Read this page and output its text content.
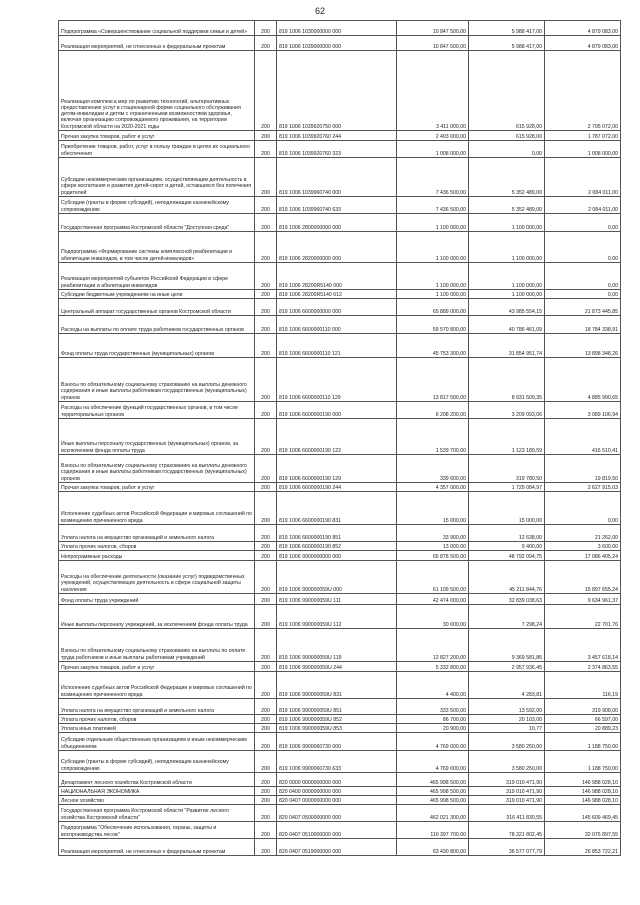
62
Подпрограмма «Совершенствование социальной поддержки семьи и детей»	200	819 1006 1030000000 000	10 847 500,00	5 988 417,00	4 879 083,00
Реализация мероприятий, не отнесенных к федеральным проектам	200	819 1006 1039000000 000	10 847 500,00	5 988 417,00	4 879 083,00
Реализация комплекса мер по развитию технологий, альтернативных предоставлению услуг в стационарной форме социального обслуживания детям-инвалидам и детям с ограниченными возможностями здоровья, включая организацию сопровождаемого проживания, на территории Костромской области на 2020-2021 годы	200	819 1006 1039920750 000	3 411 000,00	615 928,00	2 795 072,00
Прочая закупка товаров, работ и услуг	200	819 1006 1039920760 244	2 403 000,00	615 928,00	1 787 072,00
Приобретение товаров, работ, услуг в пользу граждан в целях их социального обеспечения	200	819 1006 1039920760 323	1 008 000,00	0,00	1 008 000,00
Субсидии некоммерческим организациям, осуществляющим деятельность в сфере воспитания и развития детей-сирот и детей, оставшихся без попечения родителей	200	819 1006 1039960740 000	7 436 500,00	5 352 489,00	2 084 011,00
Субсидии (гранты в форме субсидий), неподлежащие казначейскому сопровождению	200	819 1006 1039960740 633	7 436 500,00	5 352 489,00	2 084 011,00
Государственная программа Костромской области "Доступная среда"	200	819 1006 2800000000 000	1 100 000,00	1 100 000,00	0,00
Подпрограмма «Формирование системы комплексной реабилитации и абилитации инвалидов, в том числе детей-инвалидов»	200	819 1006 2820000000 000	1 100 000,00	1 100 000,00	0,00
Реализация мероприятий субъектов Российской Федерации в сфере реабилитации и абилитации инвалидов	200	819 1006 28200R5140 000	1 100 000,00	1 100 000,00	0,00
Субсидии бюджетным учреждениям на иные цели	200	819 1006 28200R5140 612	1 100 000,00	1 100 000,00	0,00
Центральный аппарат государственных органов Костромской области	200	819 1006 6600000000 000	65 889 000,00	43 985 554,15	21 873 445,85
Расходы на выплаты по оплате труда работников государственных органов	200	819 1006 6600000110 000	59 570 800,00	40 786 461,09	18 784 338,91
Фонд оплаты труда государственных (муниципальных) органов	200	819 1006 6600000110 121	45 753 300,00	31 854 951,74	13 898 348,26
Взносы по обязательному социальному страхованию на выплаты денежного содержания и иные выплаты работникам государственных (муниципальных) органов	200	819 1006 6600000110 129	13 817 500,00	8 931 509,35	4 885 990,65
Расходы на обеспечение функций государственных органов, в том числе территориальных органов	200	819 1006 6600000190 000	6 208 200,00	3 209 093,06	3 089 106,94
Иные выплаты персоналу государственных (муниципальных) органов, за исключением фонда оплаты труда	200	819 1006 6600000190 122	1 539 700,00	1 123 189,59	416 510,41
Взносы по обязательному социальному страхованию на выплаты денежного содержания и иные выплаты работникам государственных (муниципальных) органов	200	819 1006 6600000190 129	339 600,00	319 780,50	19 819,50
Прочая закупка товаров, работ и услуг	200	819 1006 6600000190 244	4 357 000,00	1 729 084,97	2 627 915,03
Исполнение судебных актов Российской Федерации и мировых соглашений по возмещению причиненного вреда	200	819 1006 6600000190 831	15 000,00	15 000,00	0,00
Уплата налога на имущество организаций и земельного налога	200	819 1006 6600000190 851	33 900,00	12 638,00	21 262,00
Уплата прочих налогов, сборов	200	819 1006 6600000190 852	13 000,00	9 400,00	3 600,00
Непрограммные расходы	200	819 1006 9900000000 000	65 878 500,00	48 792 094,75	17 086 405,24
Расходы на обеспечение деятельности (оказание услуг) подведомственных учреждений, осуществляющих деятельность в сфере социальной защиты населения	200	819 1006 990000059U 000	61 109 500,00	45 211 844,76	15 897 655,24
Фонд оплаты труда учреждений	200	819 1006 990000059U 111	42 474 000,00	32 839 038,63	9 634 961,37
Иные выплаты персоналу учреждений, за исключением фонда оплаты труда	200	819 1006 990000059U 112	30 000,00	7 298,24	22 701,76
Взносы по обязательному социальному страхованию на выплаты по оплате труда работников и иные выплаты работникам учреждений	200	819 1006 990000059U 119	12 827 200,00	9 369 581,86	3 457 618,14
Прочая закупка товаров, работ и услуг	200	819 1006 990000059U 244	5 332 800,00	2 957 936,45	2 374 863,55
Исполнение судебных актов Российской Федерации и мировых соглашений по возмещению причиненного вреда	200	819 1006 990000059U 831	4 400,00	4 283,81	116,19
Уплата налога на имущество организаций и земельного налога	200	819 1006 990000059U 851	333 500,00	13 592,00	319 908,00
Уплата прочих налогов, сборов	200	819 1006 990000059U 852	86 700,00	20 103,00	66 597,00
Уплата иных платежей	200	819 1006 990000059U 853	20 900,00	10,77	20 889,23
Субсидии отдельным общественным организациям и иным некоммерческим объединениям	200	819 1006 9900060730 000	4 769 000,00	3 580 250,00	1 188 750,00
Субсидии (гранты в форме субсидий), неподлежащие казначейскому сопровождению	200	819 1006 9900060730 633	4 769 000,00	3 580 250,00	1 188 750,00
Департамент лесного хозяйства Костромской области	200	820 0000 0000000000 000	465 998 500,00	319 010 471,90	146 988 028,10
НАЦИОНАЛЬНАЯ ЭКОНОМИКА	200	820 0400 0000000000 000	465 998 500,00	319 010 471,90	146 988 028,10
Лесное хозяйство	200	820 0407 0000000000 000	465 998 500,00	319 010 471,90	146 988 028,10
Государственная программа Костромской области "Развитие лесного хозяйства Костромской области"	200	820 0407 0500000000 000	462 021 300,00	316 411 830,55	145 609 469,45
Подпрограмма "Обеспечение использования, охраны, защиты и воспроизводства лесов"	200	820 0407 0510000000 000	110 397 700,00	78 321 802,45	32 075 897,55
Реализация мероприятий, не отнесенных к федеральным проектам	200	820 0407 0519000000 000	63 430 800,00	36 577 077,79	26 853 722,21
